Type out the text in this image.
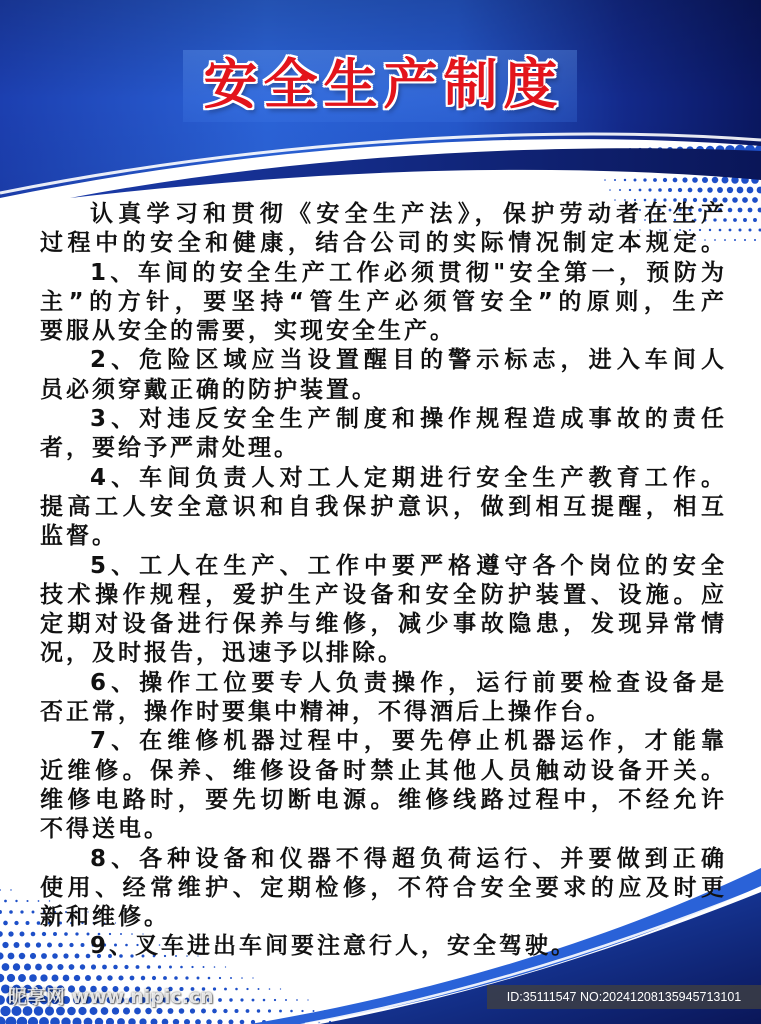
安全生产制度
认真学习和贯彻《安全生产法》，保护劳动者在生产
过程中的安全和健康，结合公司的实际情况制定本规定。
1、车间的安全生产工作必须贯彻"安全第一，预防为
主”的方针，要坚持“管生产必须管安全”的原则，生产
要服从安全的需要，实现安全生产。
2、危险区域应当设置醒目的警示标志，进入车间人
员必须穿戴正确的防护装置。
3、对违反安全生产制度和操作规程造成事故的责任
者，要给予严肃处理。
4、车间负责人对工人定期进行安全生产教育工作。
提高工人安全意识和自我保护意识，做到相互提醒，相互
监督。
5、工人在生产、工作中要严格遵守各个岗位的安全
技术操作规程，爱护生产设备和安全防护装置、设施。应
定期对设备进行保养与维修，减少事故隐患，发现异常情
况，及时报告，迅速予以排除。
6、操作工位要专人负责操作，运行前要检查设备是
否正常，操作时要集中精神，不得酒后上操作台。
7、在维修机器过程中，要先停止机器运作，才能靠
近维修。保养、维修设备时禁止其他人员触动设备开关。
维修电路时，要先切断电源。维修线路过程中，不经允许
不得送电。
8、各种设备和仪器不得超负荷运行、并要做到正确
使用、经常维护、定期检修，不符合安全要求的应及时更
新和维修。
9、叉车进出车间要注意行人，安全驾驶。
昵享网 www.nipic.cn	ID:35111547 NO:20241208135945713101
